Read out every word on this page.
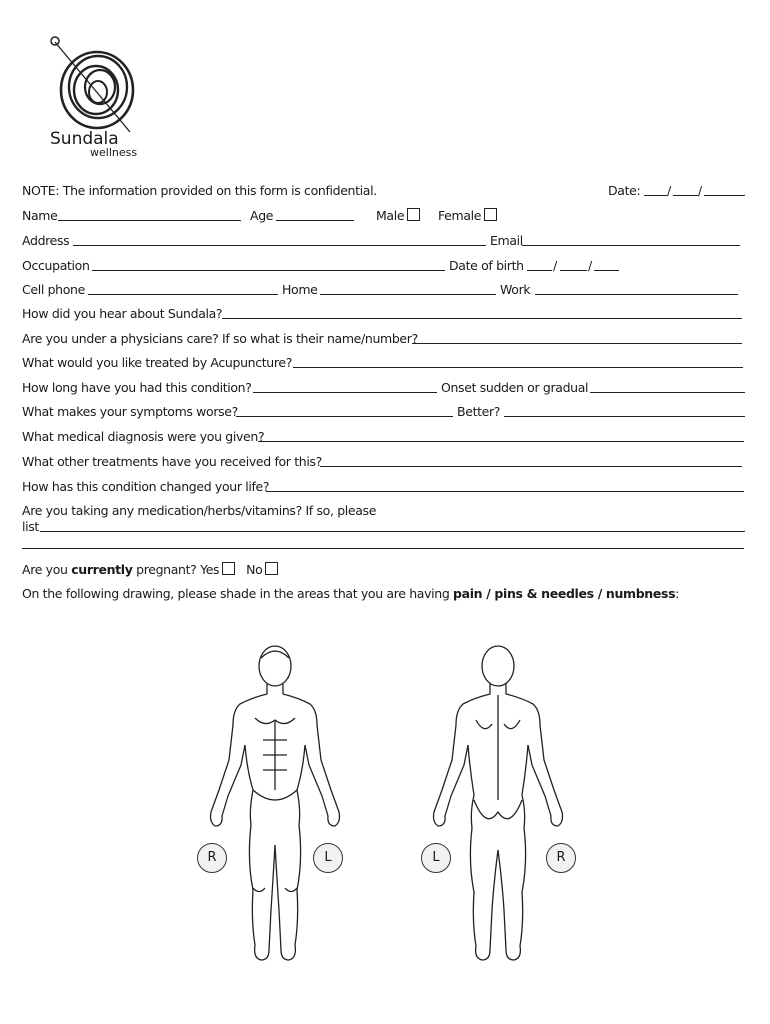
Sundala
wellness
NOTE: The information provided on this form is confidential.	Date: / /
Name	Age	Male	Female
Address	Email
Occupation	Date of birth / /
Cell phone	Home	Work
How did you hear about Sundala?
Are you under a physicians care? If so what is their name/number?
What would you like treated by Acupuncture?
How long have you had this condition?	Onset sudden or gradual
What makes your symptoms worse?	Better?
What medical diagnosis were you given?
What other treatments have you received for this?
How has this condition changed your life?
Are you taking any medication/herbs/vitamins? If so, please
list
Are you currently pregnant? Yes No
On the following drawing, please shade in the areas that you are having pain / pins & needles / numbness:
R	L	L	R
